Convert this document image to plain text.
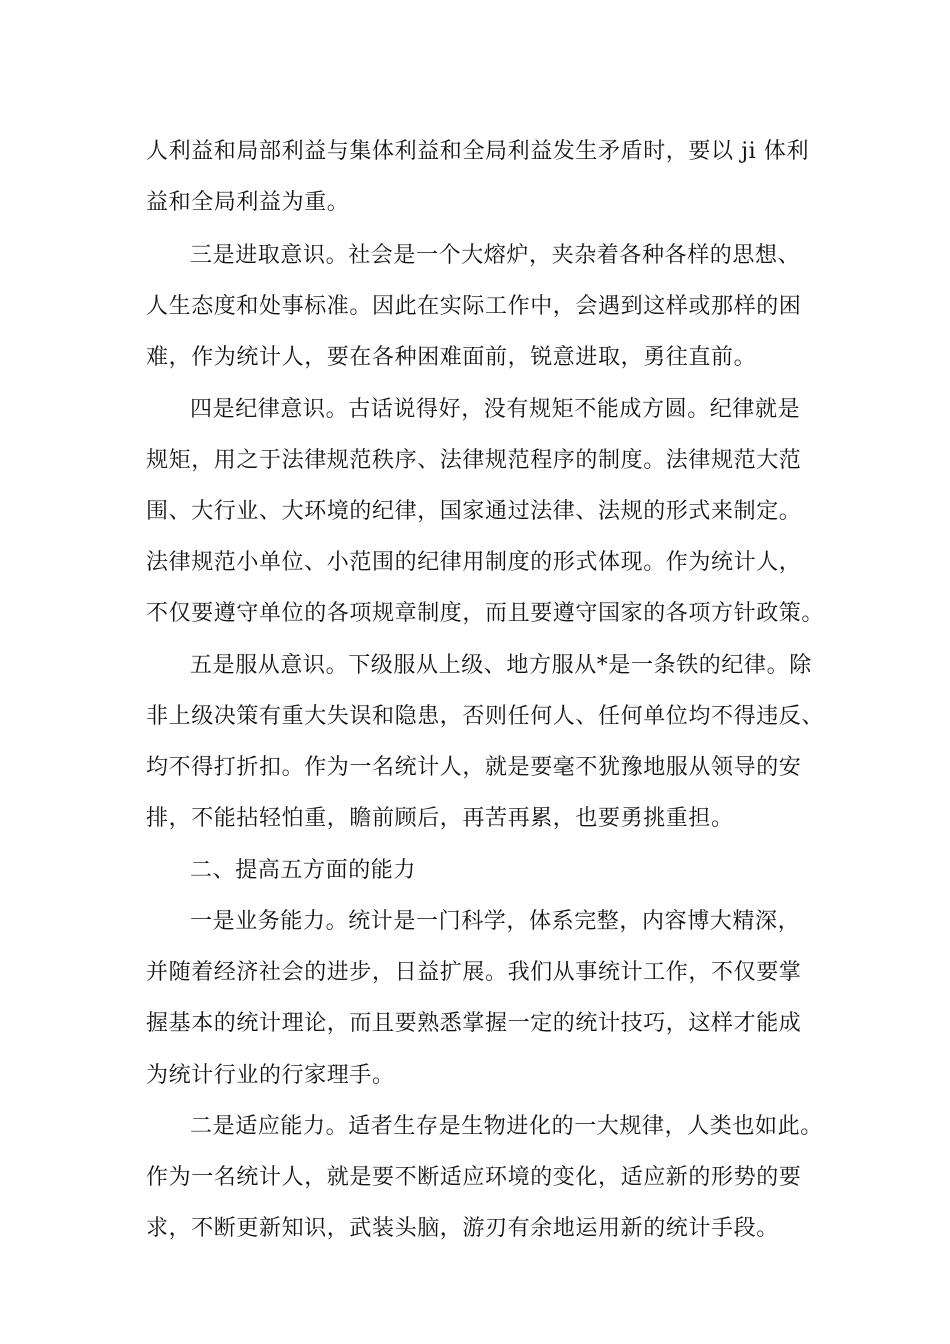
人利益和局部利益与集体利益和全局利益发生矛盾时，要以 ji 体利
益和全局利益为重。
三是进取意识。社会是一个大熔炉，夹杂着各种各样的思想、
人生态度和处事标准。因此在实际工作中，会遇到这样或那样的困
难，作为统计人，要在各种困难面前，锐意进取，勇往直前。
四是纪律意识。古话说得好，没有规矩不能成方圆。纪律就是
规矩，用之于法律规范秩序、法律规范程序的制度。法律规范大范
围、大行业、大环境的纪律，国家通过法律、法规的形式来制定。
法律规范小单位、小范围的纪律用制度的形式体现。作为统计人，
不仅要遵守单位的各项规章制度，而且要遵守国家的各项方针政策。
五是服从意识。下级服从上级、地方服从*是一条铁的纪律。除
非上级决策有重大失误和隐患，否则任何人、任何单位均不得违反、
均不得打折扣。作为一名统计人，就是要毫不犹豫地服从领导的安
排，不能拈轻怕重，瞻前顾后，再苦再累，也要勇挑重担。
二、提高五方面的能力
一是业务能力。统计是一门科学，体系完整，内容博大精深，
并随着经济社会的进步，日益扩展。我们从事统计工作，不仅要掌
握基本的统计理论，而且要熟悉掌握一定的统计技巧，这样才能成
为统计行业的行家理手。
二是适应能力。适者生存是生物进化的一大规律，人类也如此。
作为一名统计人，就是要不断适应环境的变化，适应新的形势的要
求，不断更新知识，武装头脑，游刃有余地运用新的统计手段。
